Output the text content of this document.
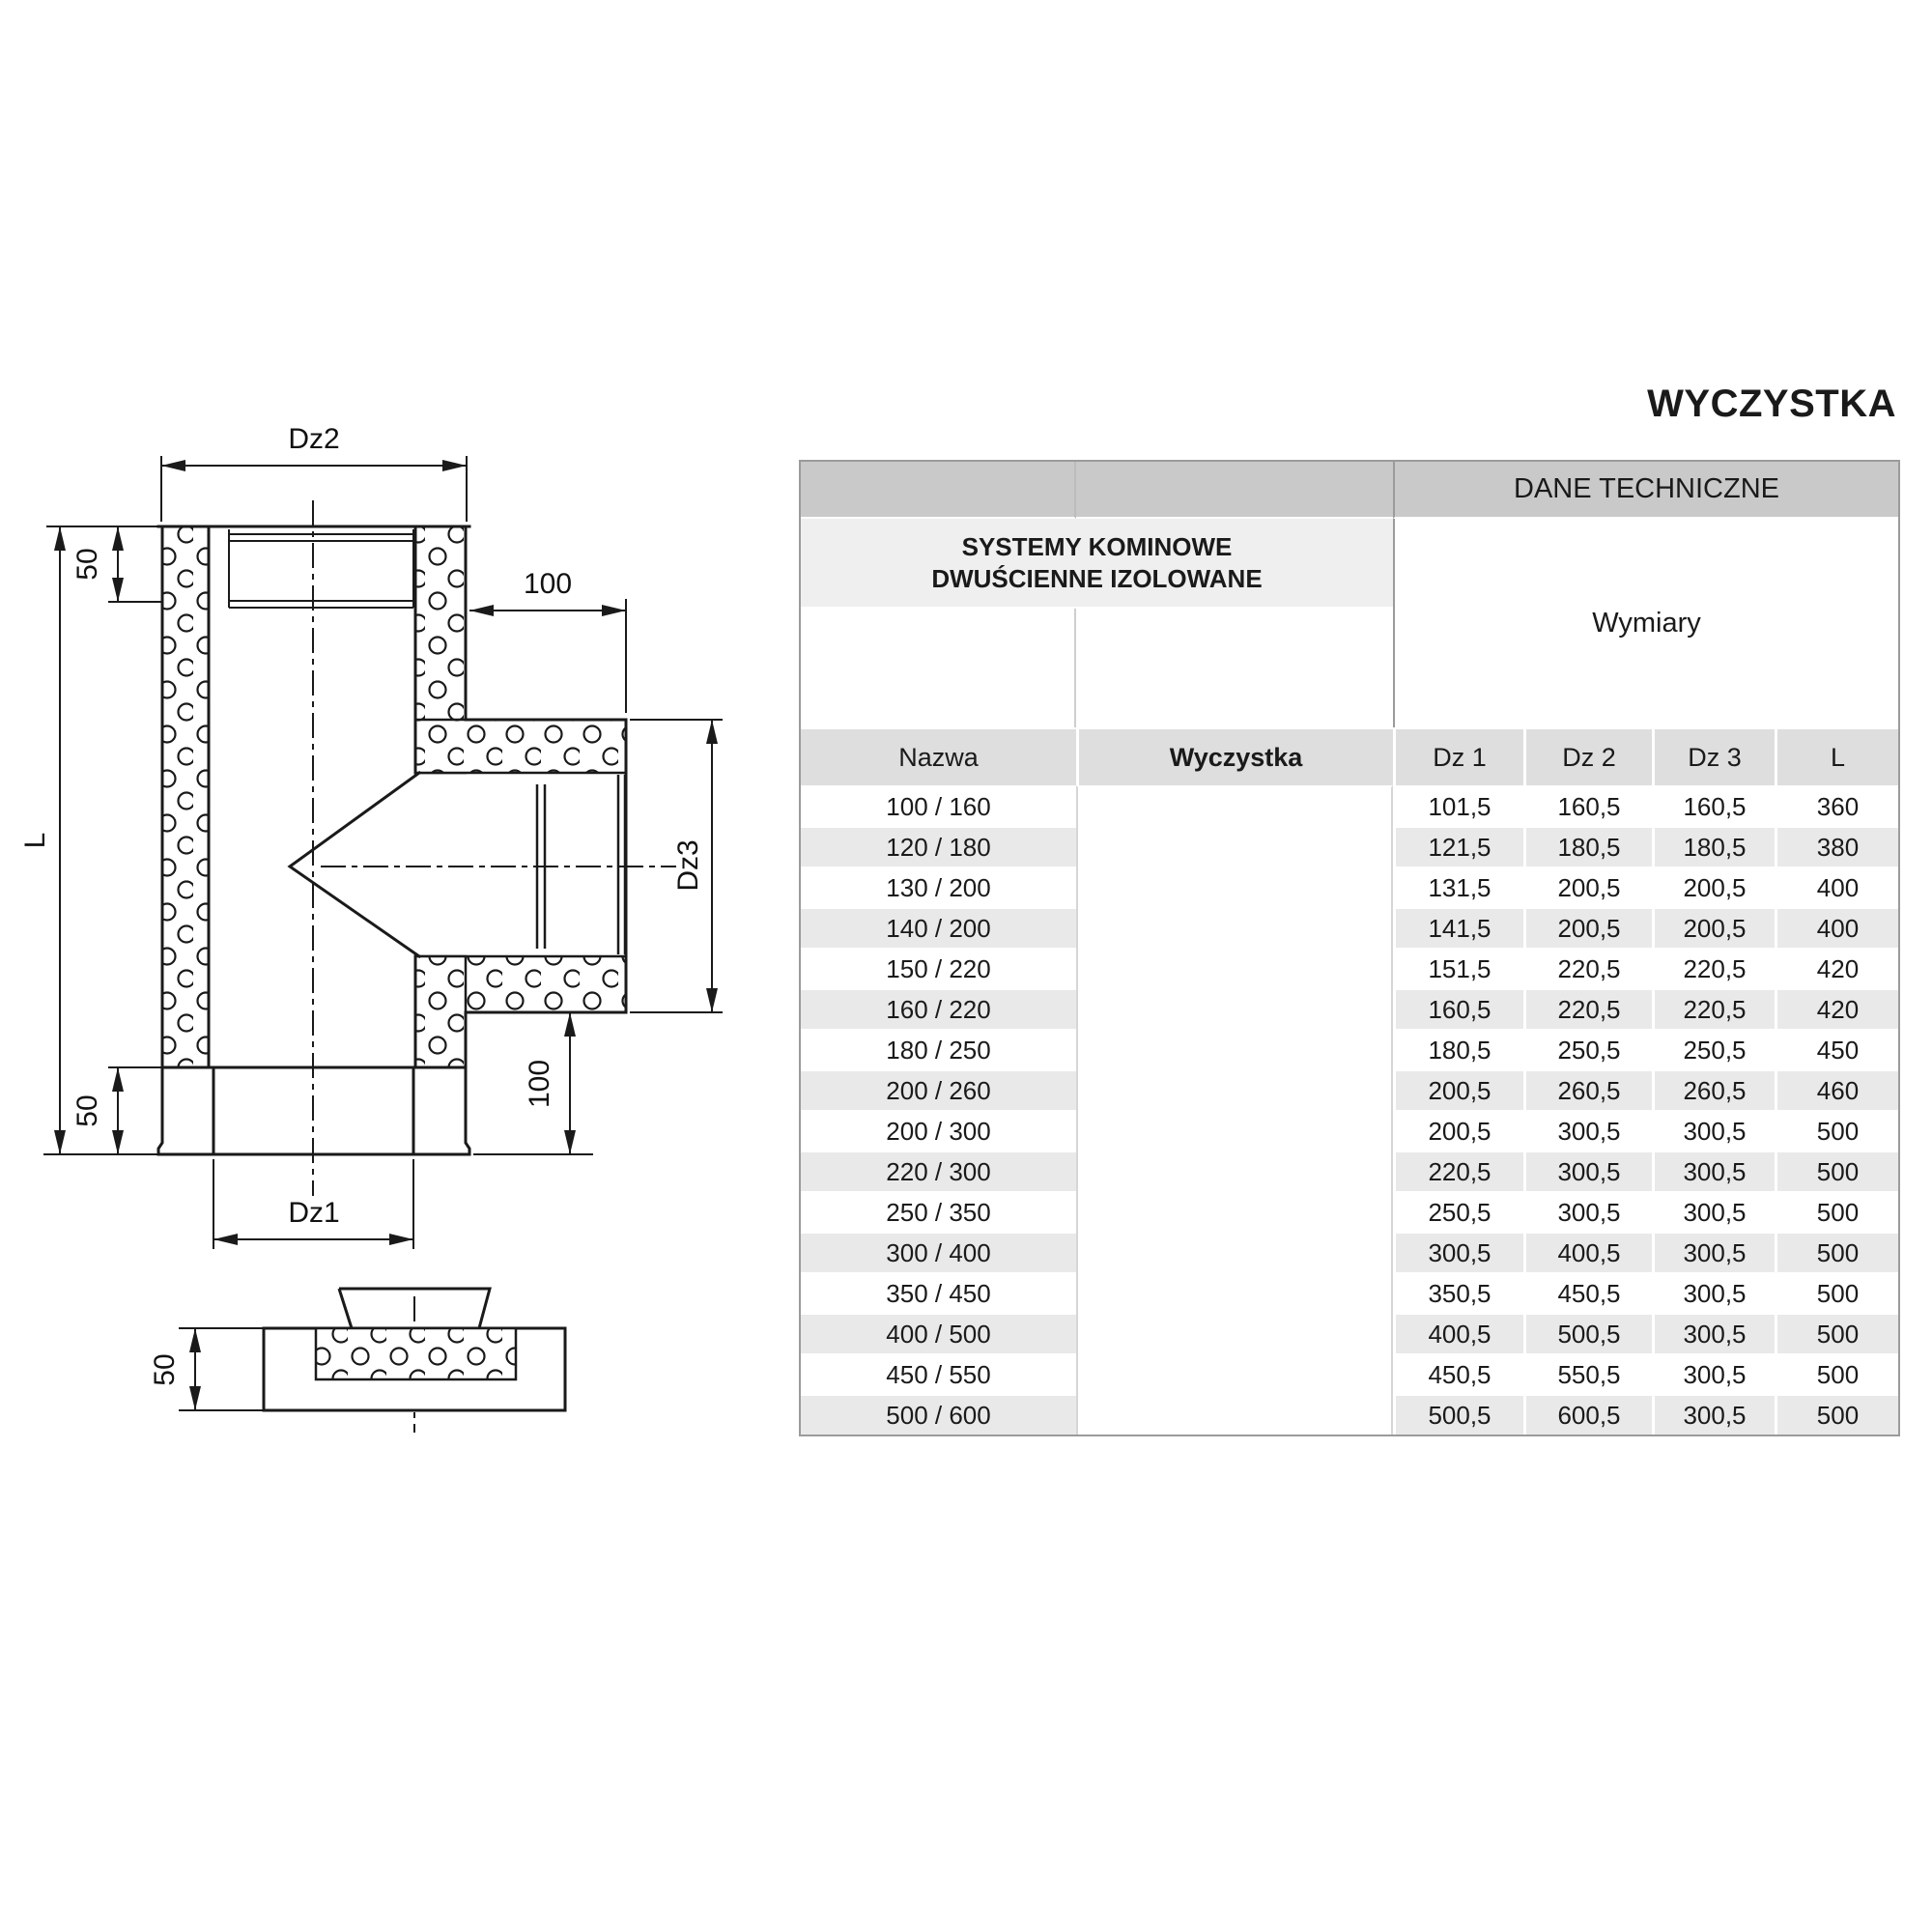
WYCZYSTKA
Dz2
50
L
100
Dz3
100
50
Dz1
50
		DANE TECHNICZNE			

SYSTEMY KOMINOWE
DWUŚCIENNE IZOLOWANE		Wymiary			

Nazwa	Wyczystka	Dz 1	Dz 2	Dz 3	L
100 / 160		101,5	160,5	160,5	360
120 / 180		121,5	180,5	180,5	380
130 / 200		131,5	200,5	200,5	400
140 / 200		141,5	200,5	200,5	400
150 / 220		151,5	220,5	220,5	420
160 / 220		160,5	220,5	220,5	420
180 / 250		180,5	250,5	250,5	450
200 / 260		200,5	260,5	260,5	460
200 / 300		200,5	300,5	300,5	500
220 / 300		220,5	300,5	300,5	500
250 / 350		250,5	300,5	300,5	500
300 / 400		300,5	400,5	300,5	500
350 / 450		350,5	450,5	300,5	500
400 / 500		400,5	500,5	300,5	500
450 / 550		450,5	550,5	300,5	500
500 / 600		500,5	600,5	300,5	500
